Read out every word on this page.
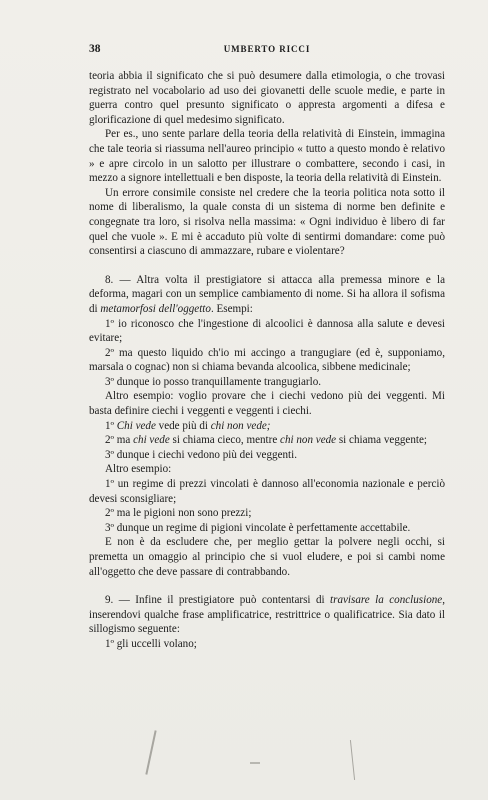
38	UMBERTO RICCI

teoria abbia il significato che si può desumere dalla etimologia, o che trovasi registrato nel vocabolario ad uso dei giovanetti delle scuole medie, e parte in guerra contro quel presunto significato o appresta argomenti a difesa e glorificazione di quel medesimo significato.

Per es., uno sente parlare della teoria della relatività di Einstein, immagina che tale teoria si riassuma nell'aureo principio « tutto a questo mondo è relativo » e apre circolo in un salotto per illustrare o combattere, secondo i casi, in mezzo a signore intellettuali e ben disposte, la teoria della relatività di Einstein.

Un errore consimile consiste nel credere che la teoria politica nota sotto il nome di liberalismo, la quale consta di un sistema di norme ben definite e congegnate tra loro, si risolva nella massima: « Ogni individuo è libero di far quel che vuole ». E mi è accaduto più volte di sentirmi domandare: come può consentirsi a ciascuno di ammazzare, rubare e violentare?

8. — Altra volta il prestigiatore si attacca alla premessa minore e la deforma, magari con un semplice cambiamento di nome. Si ha allora il sofisma di metamorfosi dell'oggetto. Esempi:

1º io riconosco che l'ingestione di alcoolici è dannosa alla salute e devesi evitare;

2º ma questo liquido ch'io mi accingo a trangugiare (ed è, supponiamo, marsala o cognac) non si chiama bevanda alcoolica, sibbene medicinale;

3º dunque io posso tranquillamente trangugiarlo.

Altro esempio: voglio provare che i ciechi vedono più dei veggenti. Mi basta definire ciechi i veggenti e veggenti i ciechi.

1º Chi vede vede più di chi non vede;

2º ma chi vede si chiama cieco, mentre chi non vede si chiama veggente;

3º dunque i ciechi vedono più dei veggenti.

Altro esempio:

1º un regime di prezzi vincolati è dannoso all'economia nazionale e perciò devesi sconsigliare;

2º ma le pigioni non sono prezzi;

3º dunque un regime di pigioni vincolate è perfettamente accettabile.

E non è da escludere che, per meglio gettar la polvere negli occhi, si premetta un omaggio al principio che si vuol eludere, e poi si cambi nome all'oggetto che deve passare di contrabbando.

9. — Infine il prestigiatore può contentarsi di travisare la conclusione, inserendovi qualche frase amplificatrice, restrittrice o qualificatrice. Sia dato il sillogismo seguente:

1º gli uccelli volano;
